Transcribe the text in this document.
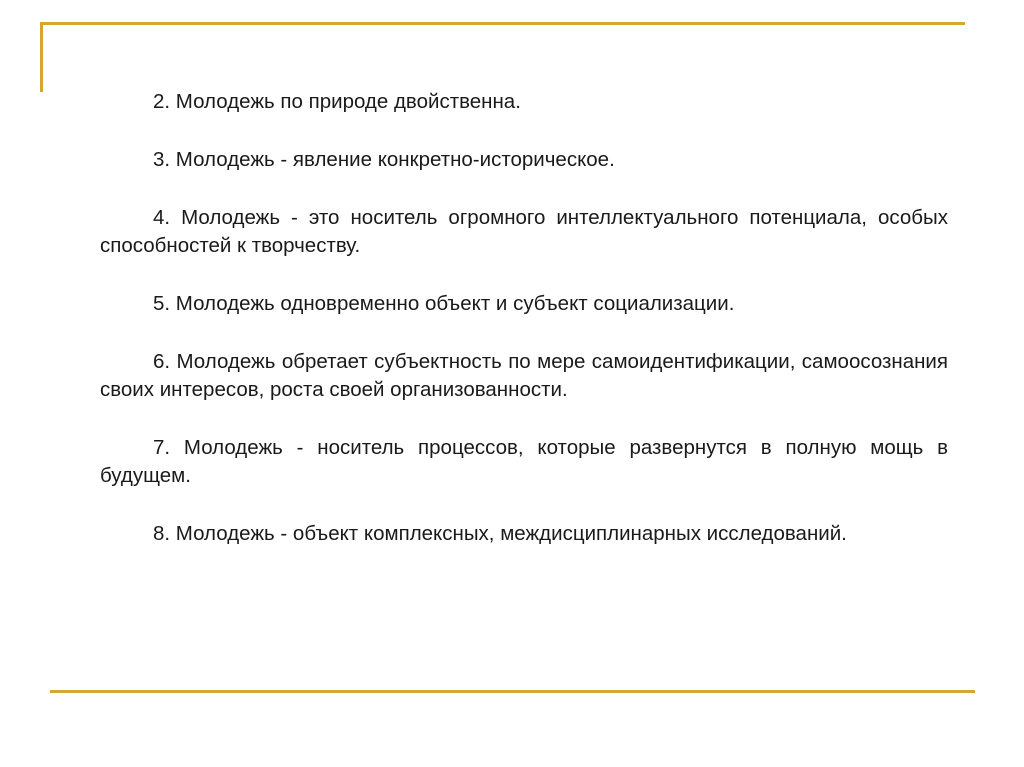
2. Молодежь по природе двойственна.

3. Молодежь - явление конкретно-историческое.

4. Молодежь - это носитель огромного интеллектуального потенциала, особых способностей к творчеству.

5. Молодежь одновременно объект и субъект социализации.

6. Молодежь обретает субъектность по мере самоидентификации, самоосознания своих интересов, роста своей организованности.

7. Молодежь - носитель процессов, которые развернутся в полную мощь в будущем.

8. Молодежь - объект комплексных, междисциплинарных исследований.
